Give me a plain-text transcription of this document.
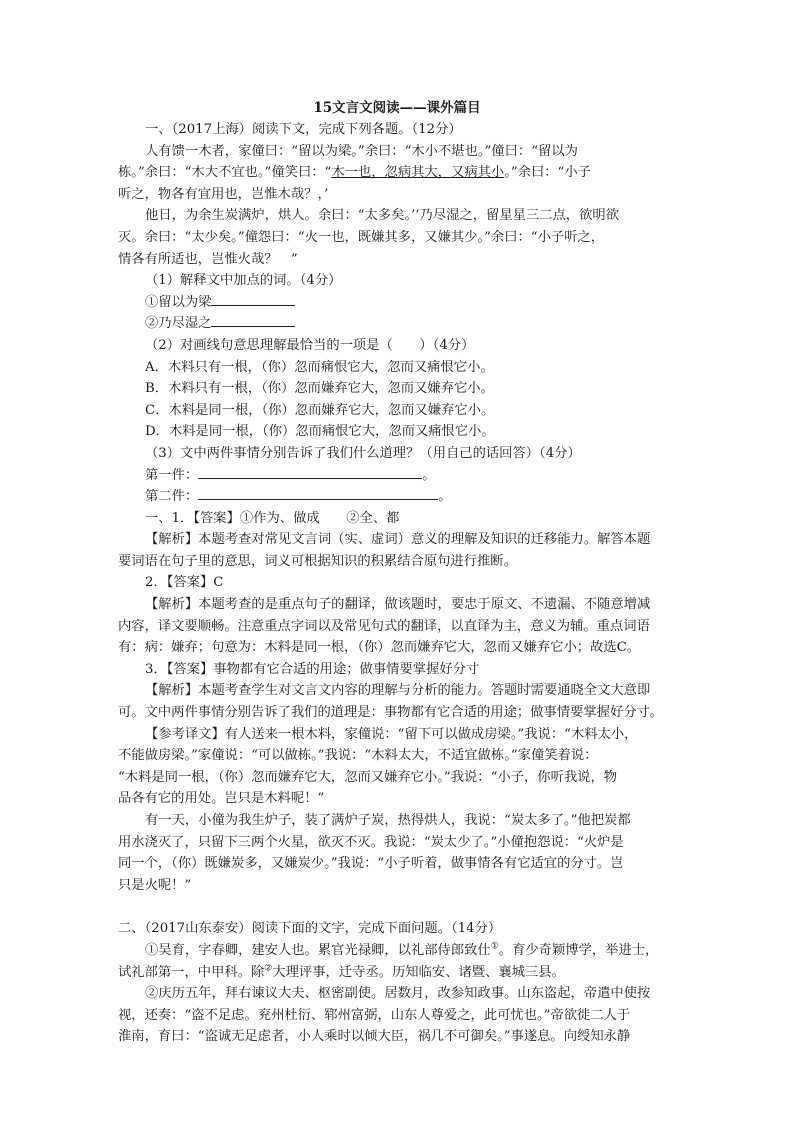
15文言文阅读——课外篇目

一、（2017上海）阅读下文，完成下列各题。（12分）

人有馈一木者，家僮曰：“留以为梁。”余曰：“木小不堪也。”僮曰：“留以为

栋。”余曰：“木大不宜也。”僮笑曰：“木一也，忽病其大，又病其小。”余曰：“小子

听之，物各有宜用也，岂惟木哉？，’

他日，为余生炭满炉，烘人。余曰：“太多矣。’’乃尽湿之，留星星三二点，欲明欲

灭。余曰：“太少矣。”僮怨曰：“火一也，既嫌其多，又嫌其少。”余曰：“小子听之，

情各有所适也，岂惟火哉？　”

（1）解释文中加点的词。（4分）

①留以为梁

②乃尽湿之

（2）对画线句意思理解最恰当的一项是（　　）（4分）

A．木料只有一根，（你）忽而痛恨它大，忽而又痛恨它小。

B．木料只有一根，（你）忽而嫌弃它大，忽而又嫌弃它小。

C．木料是同一根，（你）忽而嫌弃它大，忽而又嫌弃它小。

D．木料是同一根，（你）忽而痛恨它大，忽而又痛恨它小。

（3）文中两件事情分别告诉了我们什么道理？（用自己的话回答）（4分）

第一件：	。

第二件：	。

一、1．【答案】①作为、做成　　②全、都

【解析】本题考查对常见文言词（实、虚词）意义的理解及知识的迁移能力。解答本题

要词语在句子里的意思，词义可根据知识的积累结合原句进行推断。

2．【答案】C

【解析】本题考查的是重点句子的翻译，做该题时，要忠于原文、不遗漏、不随意增减

内容，译文要顺畅。注意重点字词以及常见句式的翻译，以直译为主，意义为辅。重点词语

有：病：嫌弃；句意为：木料是同一根，（你）忽而嫌弃它大，忽而又嫌弃它小；故选C。

3．【答案】事物都有它合适的用途；做事情要掌握好分寸

【解析】本题考查学生对文言文内容的理解与分析的能力。答题时需要通晓全文大意即

可。文中两件事情分别告诉了我们的道理是：事物都有它合适的用途；做事情要掌握好分寸。

【参考译文】有人送来一根木料，家僮说：“留下可以做成房梁。”我说：“木料太小，

不能做房梁。”家僮说：“可以做栋。”我说：“木料太大，不适宜做栋。”家僮笑着说：

“木料是同一根，（你）忽而嫌弃它大，忽而又嫌弃它小。”我说：“小子，你听我说，物

品各有它的用处。岂只是木料呢！”

有一天，小僮为我生炉子，装了满炉子炭，热得烘人，我说：“炭太多了。”他把炭都

用水浇灭了，只留下三两个火星，欲灭不灭。我说：“炭太少了。”小僮抱怨说：“火炉是

同一个，（你）既嫌炭多，又嫌炭少。”我说：“小子听着，做事情各有它适宜的分寸。岂

只是火呢！”

二、（2017山东泰安）阅读下面的文字，完成下面问题。（14分）

①吴育，字春卿，建安人也。累官光禄卿，以礼部侍郎致仕①。育少奇颖博学，举进士，

试礼部第一，中甲科。除②大理评事，迁寺丞。历知临安、诸暨、襄城三县。

②庆历五年，拜右谏议大夫、枢密副使。居数月，改参知政事。山东盗起，帝遣中使按

视，还奏：“盗不足虑。兖州杜衍、郓州富弼，山东人尊爱之，此可忧也。”帝欲徙二人于

淮南，育曰：“盗诚无足虑者，小人乘时以倾大臣，祸几不可御矣。”事遂息。向绶知永静
